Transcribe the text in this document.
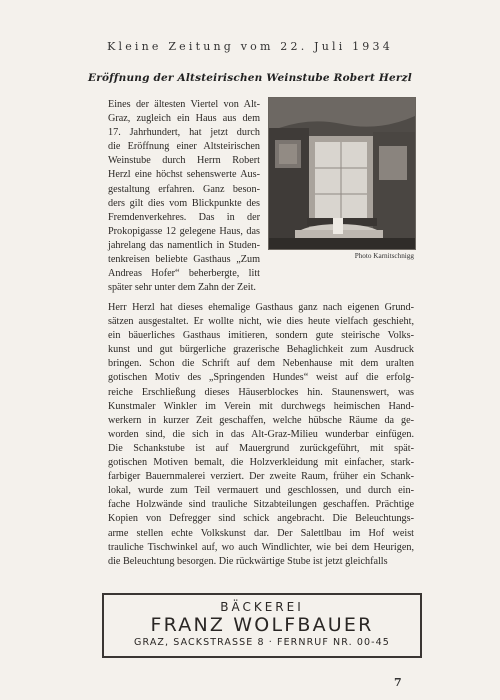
Kleine Zeitung vom 22. Juli 1934
Eröffnung der Altsteirischen Weinstube Robert Herzl

Eines der ältesten Viertel von Alt-
Graz, zugleich ein Haus aus dem
17. Jahrhundert, hat jetzt durch
die Eröffnung einer Altsteirischen
Weinstube durch Herrn Robert
Herzl eine höchst sehenswerte Aus-
gestaltung erfahren. Ganz beson-
ders gilt dies vom Blickpunkte des
Fremdenverkehres. Das in der
Prokopigasse 12 gelegene Haus, das
jahrelang das namentlich in Studen-
tenkreisen beliebte Gasthaus „Zum
Andreas Hofer“ beherbergte, litt
später sehr unter dem Zahn der Zeit.

Photo Karnitschnigg

Herr Herzl hat dieses ehemalige Gasthaus ganz nach eigenen Grund-
sätzen ausgestaltet. Er wollte nicht, wie dies heute vielfach geschieht,
ein bäuerliches Gasthaus imitieren, sondern gute steirische Volks-
kunst und gut bürgerliche grazerische Behaglichkeit zum Ausdruck
bringen. Schon die Schrift auf dem Nebenhause mit dem uralten
gotischen Motiv des „Springenden Hundes“ weist auf die erfolg-
reiche Erschließung dieses Häuserblockes hin. Staunenswert, was
Kunstmaler Winkler im Verein mit durchwegs heimischen Hand-
werkern in kurzer Zeit geschaffen, welche hübsche Räume da ge-
worden sind, die sich in das Alt-Graz-Milieu wunderbar einfügen.
Die Schankstube ist auf Mauergrund zurückgeführt, mit spät-
gotischen Motiven bemalt, die Holzverkleidung mit einfacher, stark-
farbiger Bauernmalerei verziert. Der zweite Raum, früher ein Schank-
lokal, wurde zum Teil vermauert und geschlossen, und durch ein-
fache Holzwände sind trauliche Sitzabteilungen geschaffen. Prächtige
Kopien von Defregger sind schick angebracht. Die Beleuchtungs-
arme stellen echte Volkskunst dar. Der Salettlbau im Hof weist
trauliche Tischwinkel auf, wo auch Windlichter, wie bei dem Heurigen,
die Beleuchtung besorgen. Die rückwärtige Stube ist jetzt gleichfalls

BÄCKEREI
FRANZ WOLFBAUER
GRAZ, SACKSTRASSE 8 · FERNRUF NR. 00-45
7
